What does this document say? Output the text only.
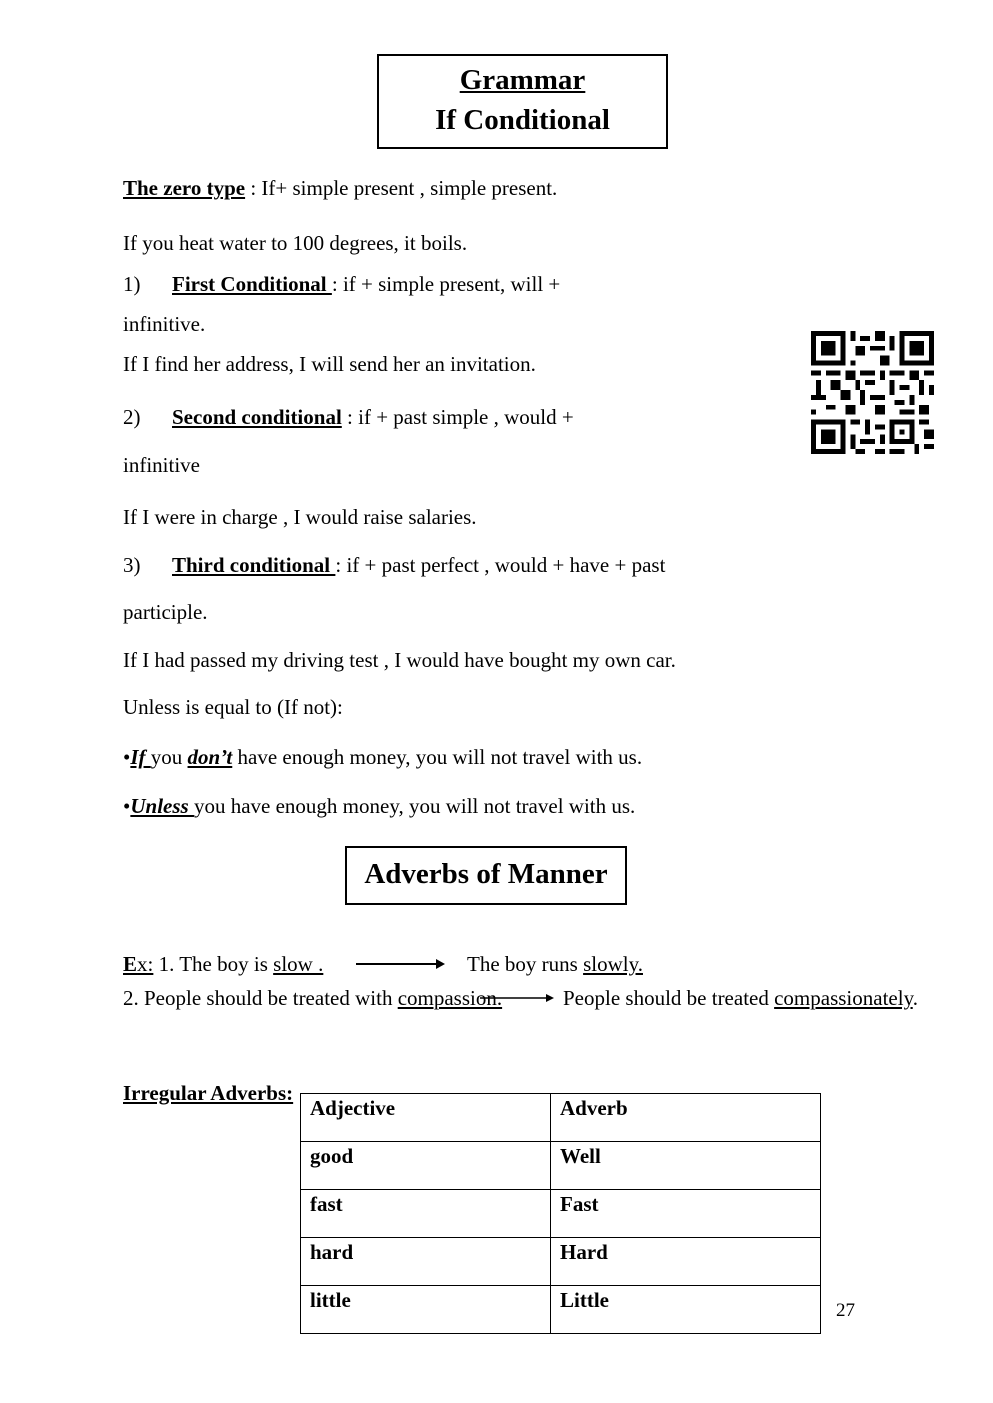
Grammar
If Conditional
The zero type : If+ simple present , simple present.
If you heat water to 100 degrees, it boils.
1) First Conditional : if + simple present, will +
infinitive.
If I find her address, I will send her an invitation.
2) Second conditional : if + past simple , would +
infinitive
If I were in charge , I would raise salaries.
3) Third conditional : if + past perfect , would + have + past
participle.
If I had passed my driving test , I would have bought my own car.
Unless is equal to (If not):
•If you don’t have enough money, you will not travel with us.
•Unless you have enough money, you will not travel with us.
Adverbs of Manner
Ex: 1. The boy is slow .	The boy runs slowly.
2. People should be treated with compassion.	People should be treated compassionately.
Irregular Adverbs:
Adjective	Adverb
good	Well
fast	Fast
hard	Hard
little	Little	27
